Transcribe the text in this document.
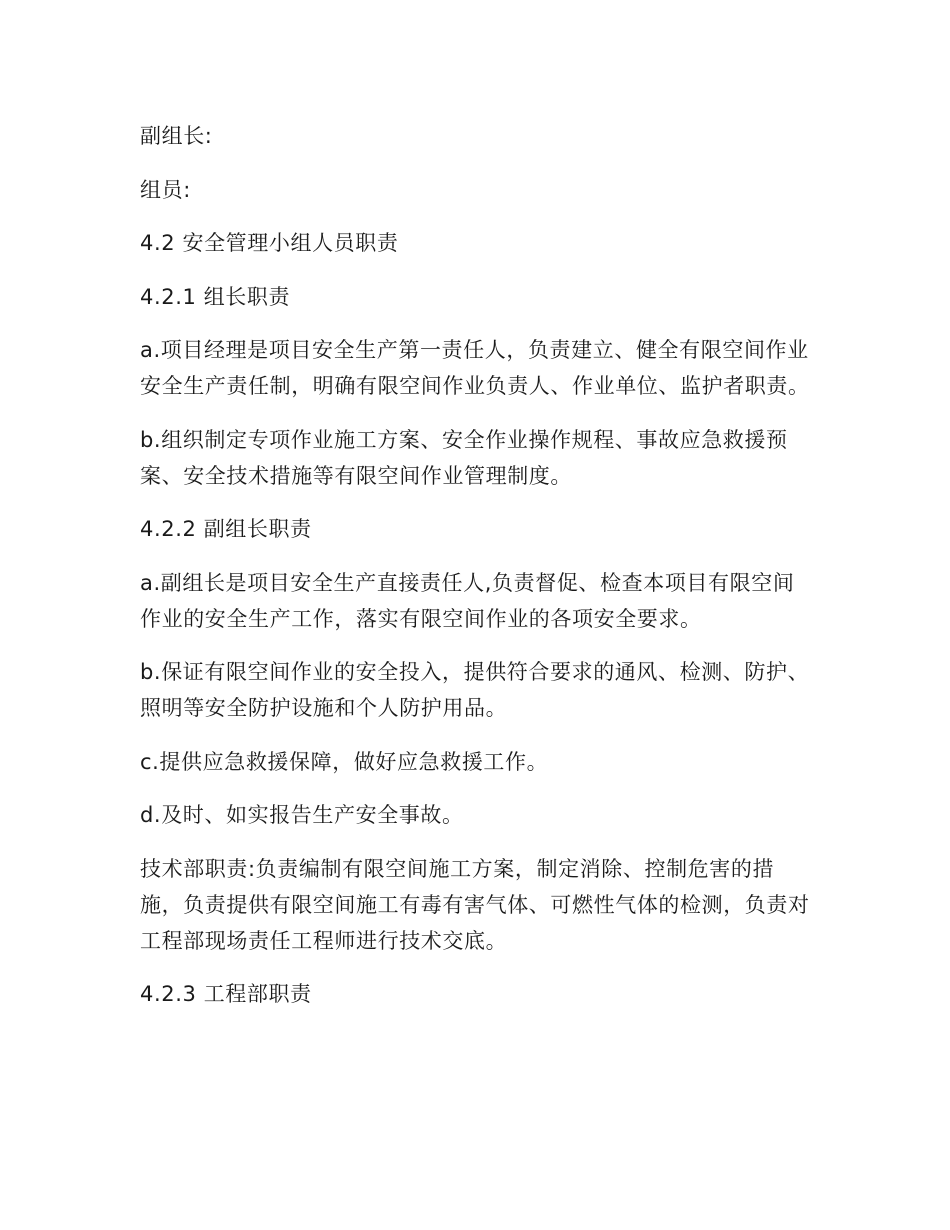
副组长:

组员:

4.2 安全管理小组人员职责

4.2.1 组长职责

a.项目经理是项目安全生产第一责任人，负责建立、健全有限空间作业安全生产责任制，明确有限空间作业负责人、作业单位、监护者职责。

b.组织制定专项作业施工方案、安全作业操作规程、事故应急救援预案、安全技术措施等有限空间作业管理制度。

4.2.2 副组长职责

a.副组长是项目安全生产直接责任人,负责督促、检查本项目有限空间作业的安全生产工作，落实有限空间作业的各项安全要求。

b.保证有限空间作业的安全投入，提供符合要求的通风、检测、防护、照明等安全防护设施和个人防护用品。

c.提供应急救援保障，做好应急救援工作。

d.及时、如实报告生产安全事故。

技术部职责:负责编制有限空间施工方案，制定消除、控制危害的措施，负责提供有限空间施工有毒有害气体、可燃性气体的检测，负责对工程部现场责任工程师进行技术交底。

4.2.3 工程部职责
